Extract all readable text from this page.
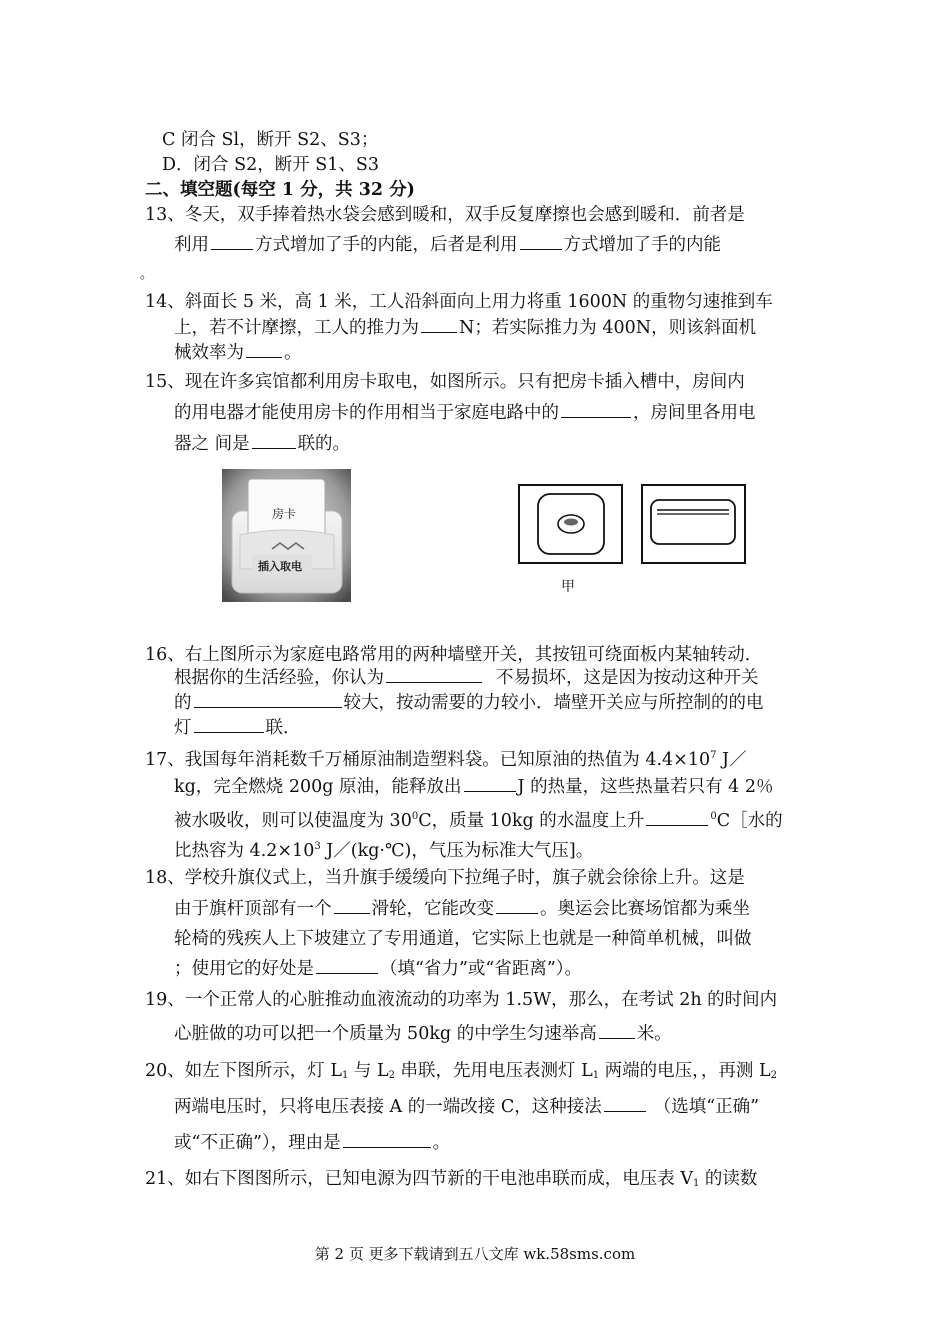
C 闭合 Sl，断开 S2、S3；
D．闭合 S2，断开 S1、S3
二、填空题(每空 1 分，共 32 分)
13、冬天，双手捧着热水袋会感到暖和，双手反复摩擦也会感到暖和．前者是
利用	方式增加了手的内能，后者是利用	方式增加了手的内能
。
14、斜面长 5 米，高 1 米，工人沿斜面向上用力将重 1600N 的重物匀速推到车
上，若不计摩擦，工人的推力为 N；若实际推力为 400N，则该斜面机
械效率为 。
15、现在许多宾馆都利用房卡取电，如图所示。只有把房卡插入槽中，房间内
的用电器才能使用房卡的作用相当于家庭电路中的	，房间里各用电
器之 间是	联的。
房卡
插入取电
甲
16、右上图所示为家庭电路常用的两种墙壁开关，其按钮可绕面板内某轴转动．
根据你的生活经验，你认为	不易损坏，这是因为按动这种开关
的	较大，按动需要的力较小．墙壁开关应与所控制的的电
灯	联．
17、我国每年消耗数千万桶原油制造塑料袋。已知原油的热值为 $4.4\times 10^7$ J／
kg，完全燃烧 200g 原油，能释放出	J 的热量，这些热量若只有 4 2％
被水吸收，则可以使温度为 $30^0C$，质量 10kg 的水温度上升	$^0$C［水的
比热容为 $4.2\times 10^3$ J／(kg·℃)，气压为标准大气压]。
18、学校升旗仪式上，当升旗手缓缓向下拉绳子时，旗子就会徐徐上升。这是
由于旗杆顶部有一个 滑轮，它能改变	。奥运会比赛场馆都为乘坐
轮椅的残疾人上下坡建立了专用通道，它实际上也就是一种简单机械，叫做
；使用它的好处是	（填“省力”或“省距离”）。
19、一个正常人的心脏推动血液流动的功率为 1.5W，那么，在考试 2h 的时间内
心脏做的功可以把一个质量为 50kg 的中学生匀速举高 米。
20、如左下图所示，灯 $L_1$ 与 $L_2$ 串联，先用电压表测灯 $L_1$ 两端的电压，，再测 $L_2$
两端电压时，只将电压表接 A 的一端改接 C，这种接法	（选填“正确”
或“不正确”），理由是	。
21、如右下图图所示，已知电源为四节新的干电池串联而成，电压表 $V_1$ 的读数
第 2 页 更多下载请到五八文库 wk.58sms.com
